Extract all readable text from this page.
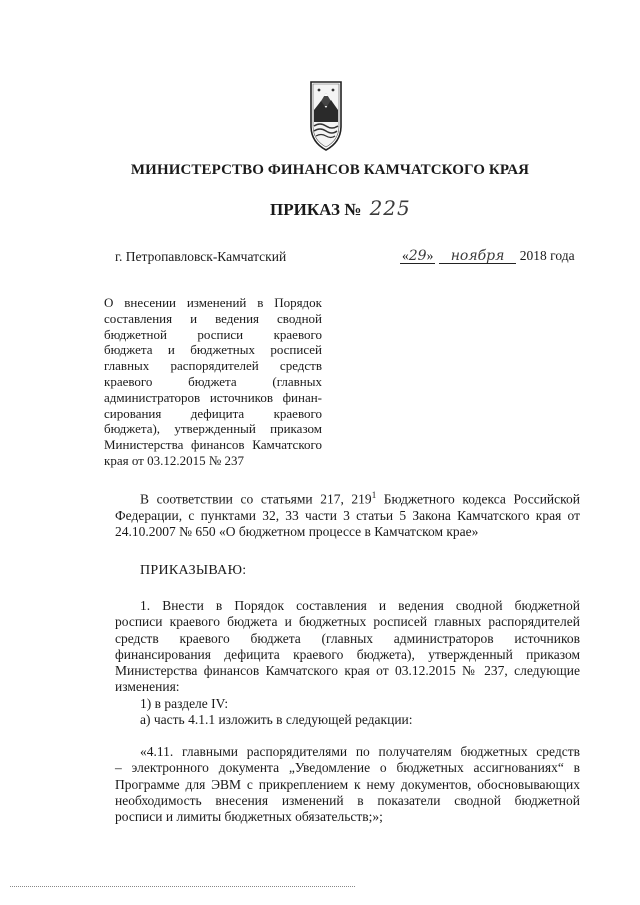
МИНИСТЕРСТВО ФИНАНСОВ КАМЧАТСКОГО КРАЯ
ПРИКАЗ № 225
г. Петропавловск-Камчатский	«29» ноября 2018 года
О внесении изменений в Порядок
составления и ведения сводной
бюджетной росписи краевого
бюджета и бюджетных росписей
главных распорядителей средств
краевого бюджета (главных
администраторов источников финан-
сирования дефицита краевого
бюджета), утвержденный приказом
Министерства финансов Камчатского
края от 03.12.2015 № 237
В соответствии со статьями 217, $219^1$ Бюджетного кодекса Российской
Федерации, с пунктами 32, 33 части 3 статьи 5 Закона Камчатского края от
24.10.2007 № 650 «О бюджетном процессе в Камчатском крае»
ПРИКАЗЫВАЮ:
1. Внести в Порядок составления и ведения сводной бюджетной
росписи краевого бюджета и бюджетных росписей главных распорядителей
средств краевого бюджета (главных администраторов источников
финансирования дефицита краевого бюджета), утвержденный приказом
Министерства финансов Камчатского края от 03.12.2015 № 237, следующие
изменения:
1) в разделе IV:
а) часть 4.1.1 изложить в следующей редакции:
«4.11. главными распорядителями по получателям бюджетных средств
– электронного документа „Уведомление о бюджетных ассигнованиях“ в
Программе для ЭВМ с прикреплением к нему документов, обосновывающих
необходимость внесения изменений в показатели сводной бюджетной
росписи и лимиты бюджетных обязательств;»;
